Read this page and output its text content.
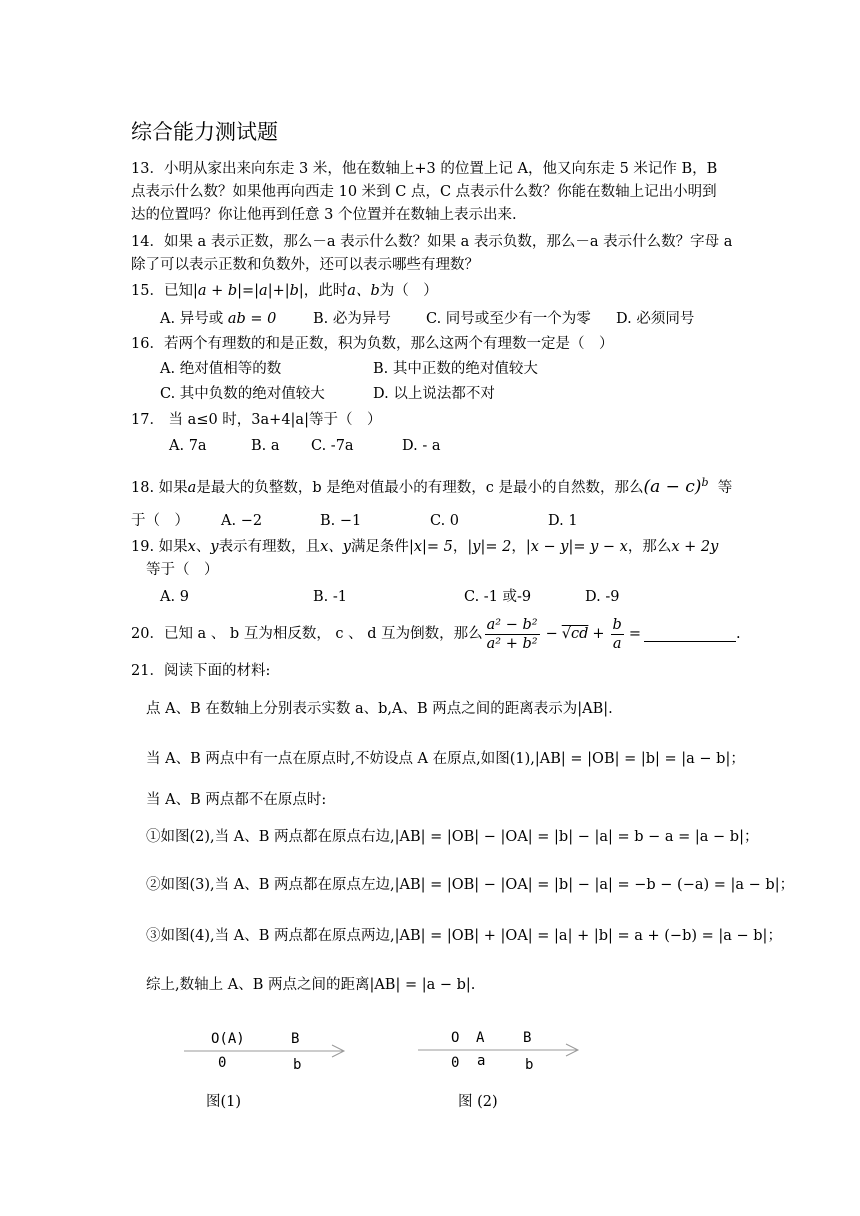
综合能力测试题
13．小明从家出来向东走 3 米，他在数轴上+3 的位置上记 A，他又向东走 5 米记作 B，B
点表示什么数？如果他再向西走 10 米到 C 点，C 点表示什么数？你能在数轴上记出小明到
达的位置吗？你让他再到任意 3 个位置并在数轴上表示出来.
14．如果 a 表示正数，那么－a 表示什么数？如果 a 表示负数，那么－a 表示什么数？字母 a
除了可以表示正数和负数外，还可以表示哪些有理数？
15．已知|a + b|=|a|+|b|，此时a、b为（　）
A. 异号或 ab = 0	B. 必为异号 C. 同号或至少有一个为零 D. 必须同号
16．若两个有理数的和是正数，积为负数，那么这两个有理数一定是（　）
A. 绝对值相等的数	B. 其中正数的绝对值较大
C. 其中负数的绝对值较大	D. 以上说法都不对
17． 当 a≤0 时，3a+4|a|等于（　）
A. 7a	B. a C. -7a	D. - a
18. 如果a是最大的负整数，b 是绝对值最小的有理数，c 是最小的自然数，那么$(a - c)^b$ 等
于（　） A. −2	B. −1	C. 0	D. 1
19. 如果x、y表示有理数，且x、y满足条件|x|= 5，|y|= 2，|x − y|= y − x，那么x + 2y
等于（　）
A. 9	B. -1	C. -1 或-9	D. -9
20．已知 a 、 b 互为相反数， c 、 d 互为倒数，那么 $\frac{\text{a² − b²}}{\text{a² + b²}} - √cd + \frac{b}{a}$ =	.
21．阅读下面的材料:
点 A、B 在数轴上分别表示实数 a、b,A、B 两点之间的距离表示为|AB|.
当 A、B 两点中有一点在原点时,不妨设点 A 在原点,如图(1),|AB| = |OB| = |b| = |a − b|；
当 A、B 两点都不在原点时:
①如图(2),当 A、B 两点都在原点右边,|AB| = |OB| − |OA| = |b| − |a| = b − a = |a − b|；
②如图(3),当 A、B 两点都在原点左边,|AB| = |OB| − |OA| = |b| − |a| = −b − (−a) = |a − b|；
③如图(4),当 A、B 两点都在原点两边,|AB| = |OB| + |OA| = |a| + |b| = a + (−b) = |a − b|；
综上,数轴上 A、B 两点之间的距离|AB| = |a − b|.
O(A)	B
0	b
图(1)
O A	B
0 a	b
图 (2)
